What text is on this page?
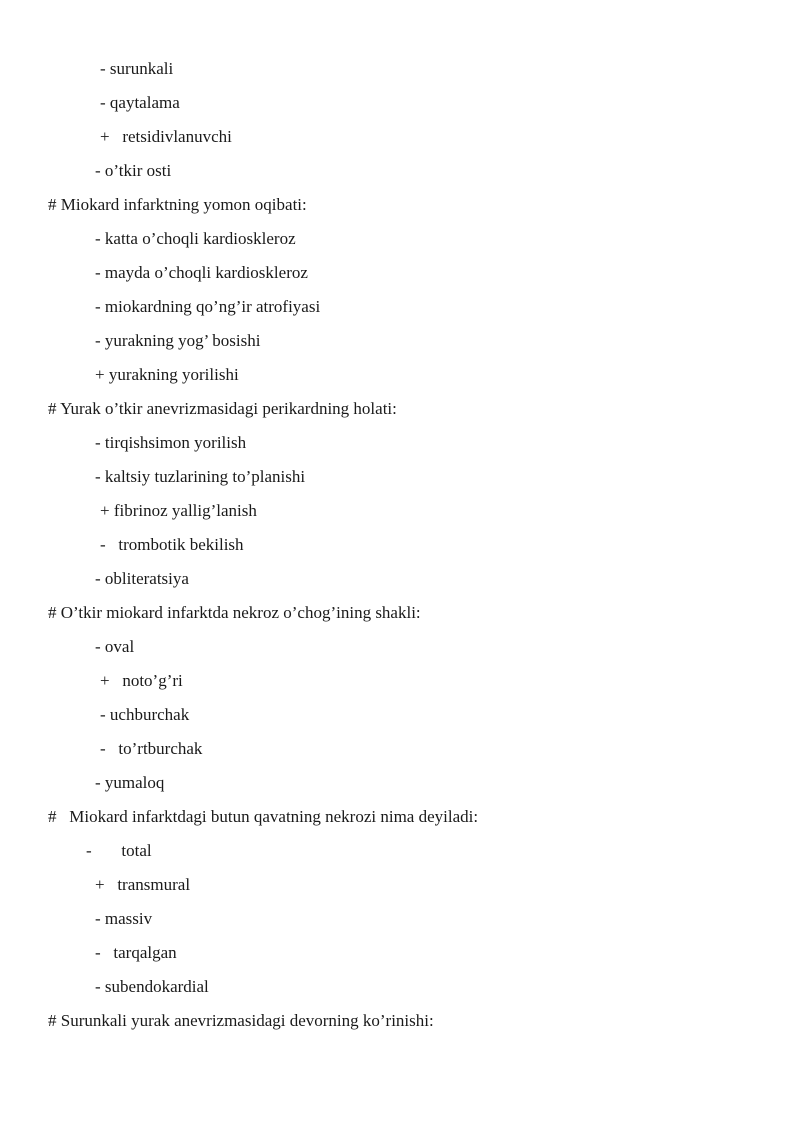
- surunkali
- qaytalama
+   retsidivlanuvchi
- o’tkir osti
# Miokard infarktning yomon oqibati:
- katta o’choqli kardioskleroz
- mayda o’choqli kardioskleroz
- miokardning qo’ng’ir atrofiyasi
- yurakning yog’ bosishi
+ yurakning yorilishi
# Yurak o’tkir anevrizmasidagi perikardning holati:
- tirqishsimon yorilish
- kaltsiy tuzlarining to’planishi
+ fibrinoz yallig’lanish
-   trombotik bekilish
- obliteratsiya
# O’tkir miokard infarktda nekroz o’chog’ining shakli:
- oval
+   noto’g’ri
- uchburchak
-   to’rtburchak
- yumaloq
#   Miokard infarktdagi butun qavatning nekrozi nima deyiladi:
-       total
+   transmural
- massiv
-   tarqalgan
- subendokardial
# Surunkali yurak anevrizmasidagi devorning ko’rinishi:
